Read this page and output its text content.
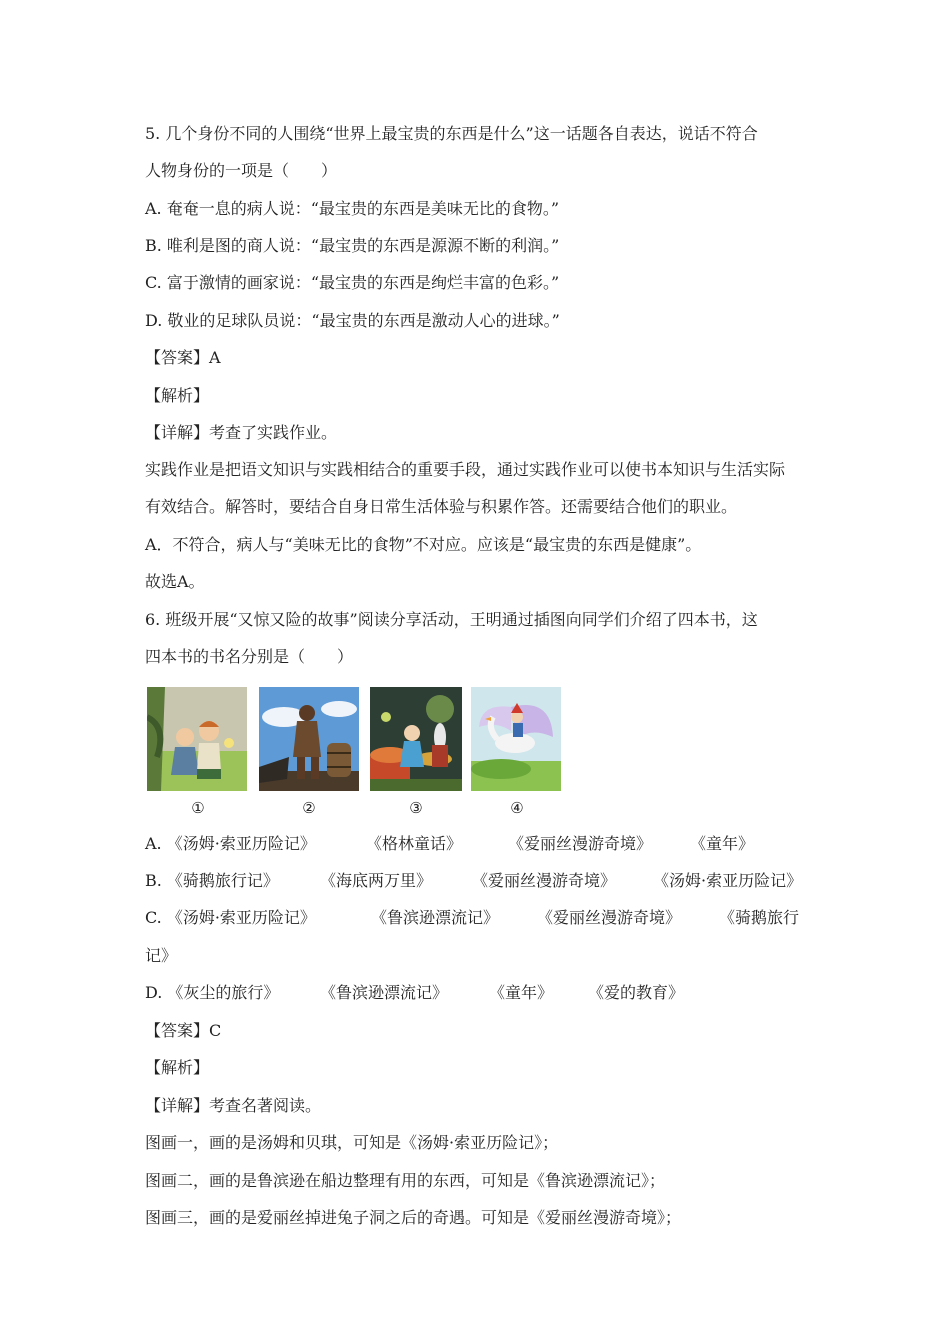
5. 几个身份不同的人围绕“世界上最宝贵的东西是什么”这一话题各自表达，说话不符合
人物身份的一项是（　　）
A. 奄奄一息的病人说：“最宝贵的东西是美味无比的食物。”
B. 唯利是图的商人说：“最宝贵的东西是源源不断的利润。”
C. 富于激情的画家说：“最宝贵的东西是绚烂丰富的色彩。”
D. 敬业的足球队员说：“最宝贵的东西是激动人心的进球。”
【答案】A
【解析】
【详解】考查了实践作业。
实践作业是把语文知识与实践相结合的重要手段，通过实践作业可以使书本知识与生活实际
有效结合。解答时，要结合自身日常生活体验与积累作答。还需要结合他们的职业。
A．不符合，病人与“美味无比的食物”不对应。应该是“最宝贵的东西是健康”。
故选A。
6. 班级开展“又惊又险的故事”阅读分享活动，王明通过插图向同学们介绍了四本书，这
四本书的书名分别是（　　）
①	②	③	④
A. 《汤姆·索亚历险记》	《格林童话》	《爱丽丝漫游奇境》 《童年》
B. 《骑鹅旅行记》	《海底两万里》 《爱丽丝漫游奇境》 《汤姆·索亚历险记》
C. 《汤姆·索亚历险记》	《鲁滨逊漂流记》 《爱丽丝漫游奇境》 《骑鹅旅行
记》
D. 《灰尘的旅行》	《鲁滨逊漂流记》	《童年》 《爱的教育》
【答案】C
【解析】
【详解】考查名著阅读。
图画一，画的是汤姆和贝琪，可知是《汤姆·索亚历险记》；
图画二，画的是鲁滨逊在船边整理有用的东西，可知是《鲁滨逊漂流记》；
图画三，画的是爱丽丝掉进兔子洞之后的奇遇。可知是《爱丽丝漫游奇境》；
